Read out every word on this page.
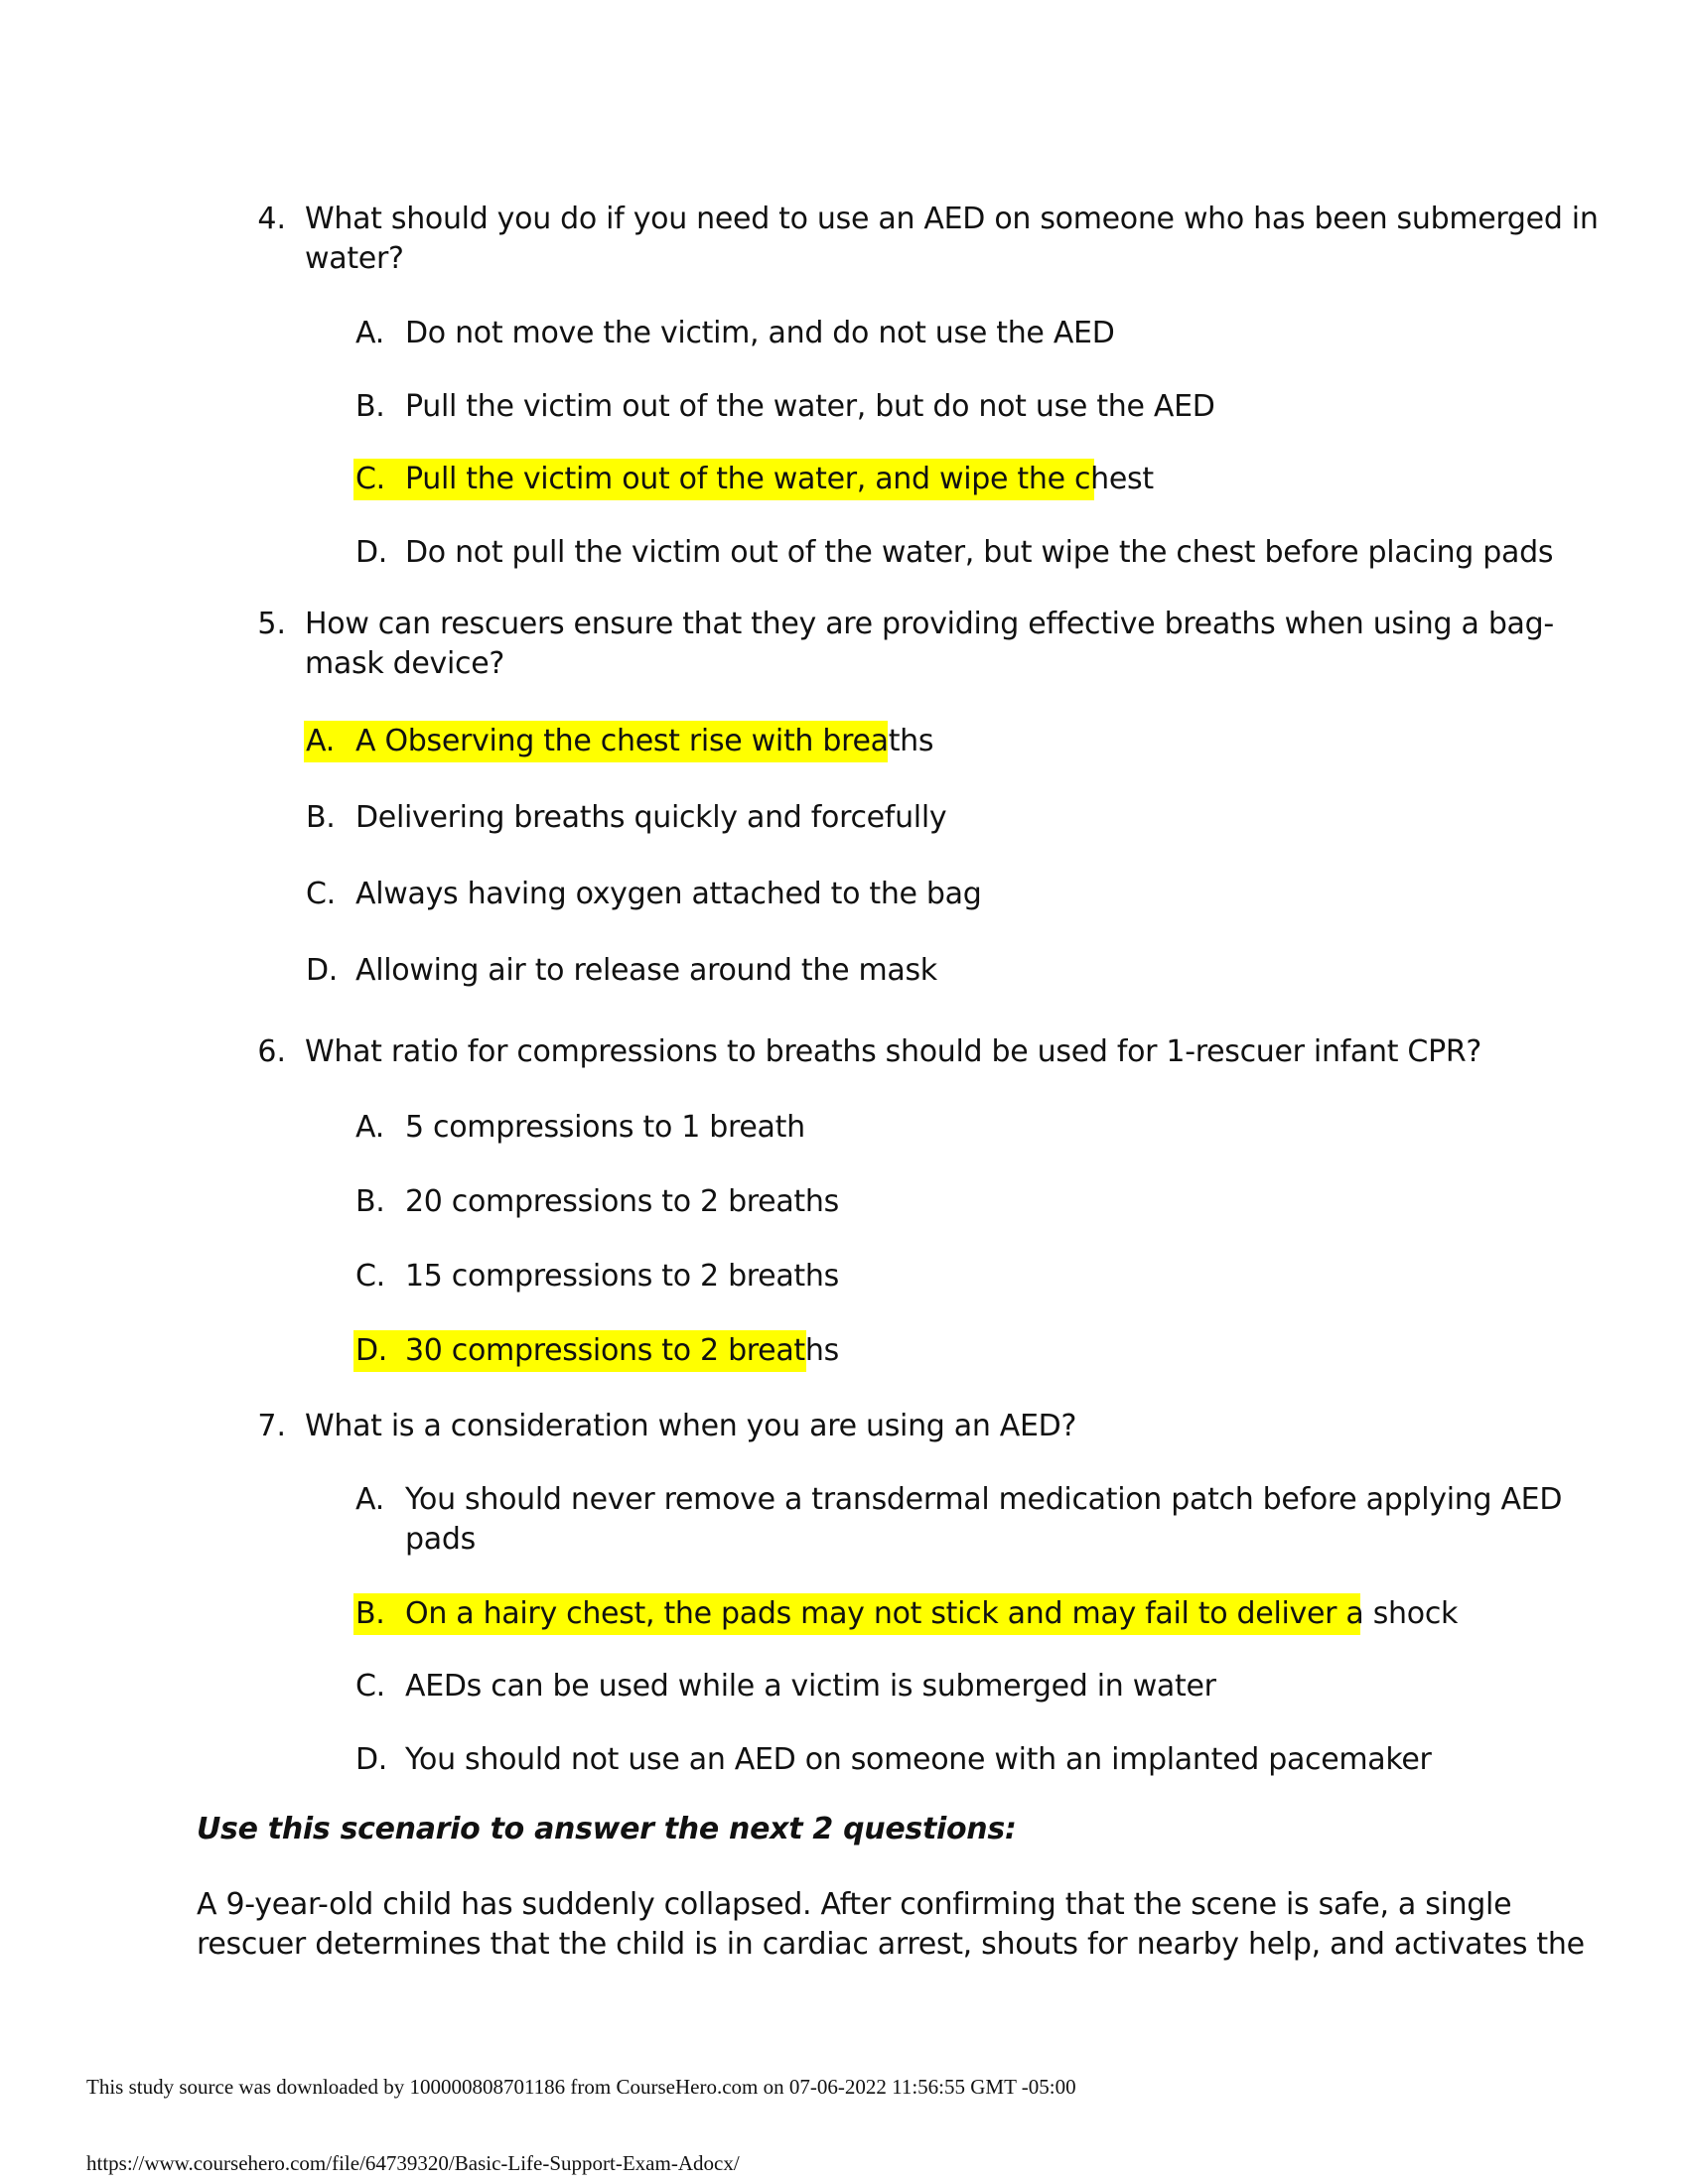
4. What should you do if you need to use an AED on someone who has been submerged in
water?
A. Do not move the victim, and do not use the AED
B. Pull the victim out of the water, but do not use the AED
C. Pull the victim out of the water, and wipe the chest
D. Do not pull the victim out of the water, but wipe the chest before placing pads
5. How can rescuers ensure that they are providing effective breaths when using a bag-
mask device?
A. A Observing the chest rise with breaths
B. Delivering breaths quickly and forcefully
C. Always having oxygen attached to the bag
D. Allowing air to release around the mask
6. What ratio for compressions to breaths should be used for 1-rescuer infant CPR?
A. 5 compressions to 1 breath
B. 20 compressions to 2 breaths
C. 15 compressions to 2 breaths
D. 30 compressions to 2 breaths
7. What is a consideration when you are using an AED?
A. You should never remove a transdermal medication patch before applying AED
pads
B. On a hairy chest, the pads may not stick and may fail to deliver a shock
C. AEDs can be used while a victim is submerged in water
D. You should not use an AED on someone with an implanted pacemaker
Use this scenario to answer the next 2 questions:
A 9-year-old child has suddenly collapsed. After confirming that the scene is safe, a single
rescuer determines that the child is in cardiac arrest, shouts for nearby help, and activates the
This study source was downloaded by 100000808701186 from CourseHero.com on 07-06-2022 11:56:55 GMT -05:00
https://www.coursehero.com/file/64739320/Basic-Life-Support-Exam-Adocx/
